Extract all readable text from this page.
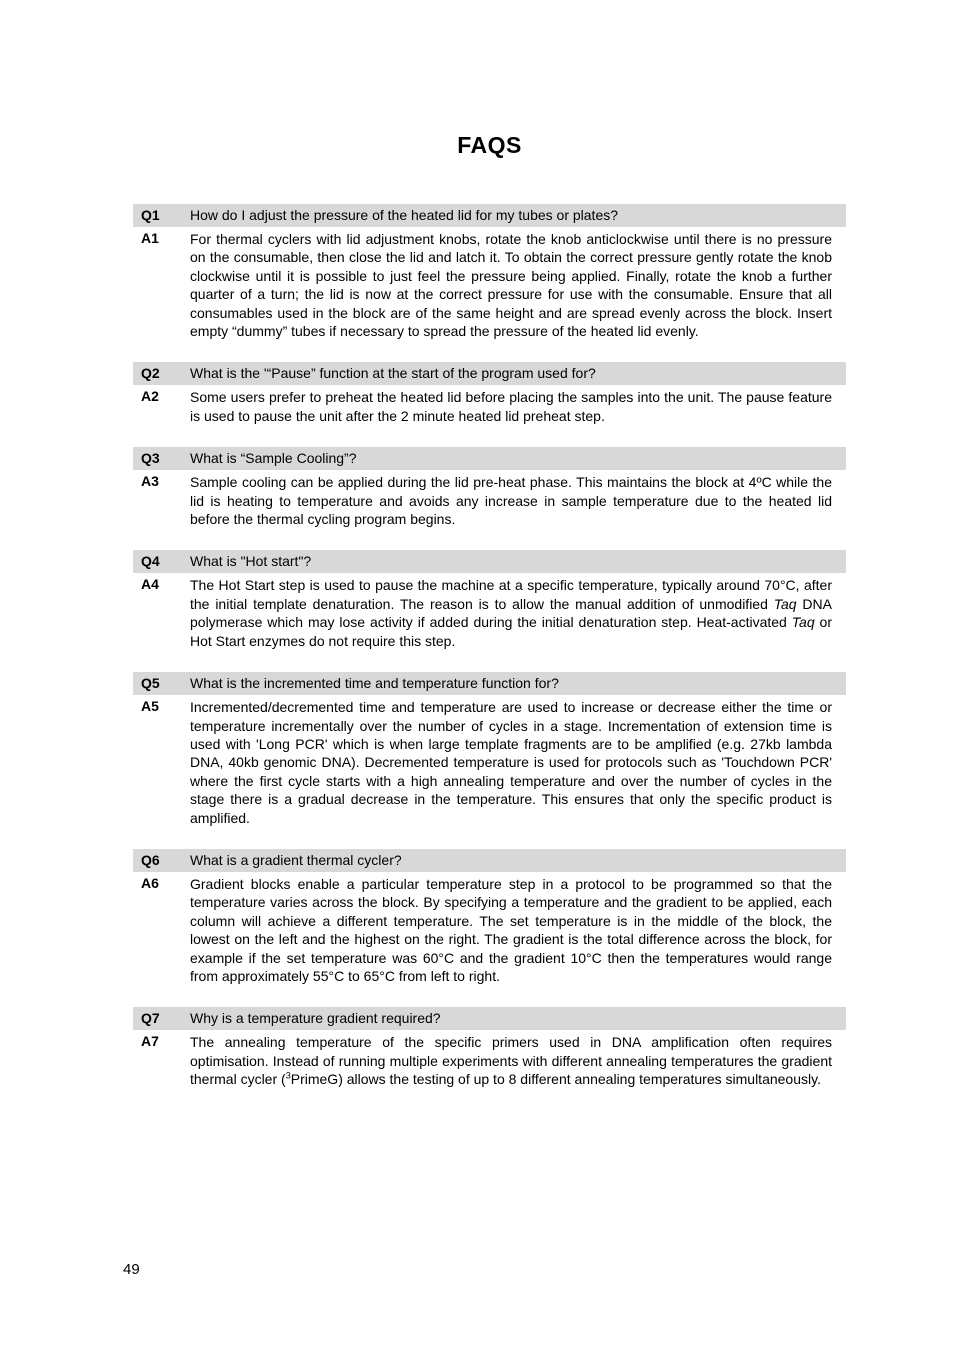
FAQS
Q1	How do I adjust the pressure of the heated lid for my tubes or plates?
A1	For thermal cyclers with lid adjustment knobs, rotate the knob anticlockwise until there is no pressure on the consumable, then close the lid and latch it. To obtain the correct pressure gently rotate the knob clockwise until it is possible to just feel the pressure being applied. Finally, rotate the knob a further quarter of a turn; the lid is now at the correct pressure for use with the consumable. Ensure that all consumables used in the block are of the same height and are spread evenly across the block. Insert empty “dummy” tubes if necessary to spread the pressure of the heated lid evenly.

Q2	What is the '“Pause” function at the start of the program used for?
A2	Some users prefer to preheat the heated lid before placing the samples into the unit. The pause feature is used to pause the unit after the 2 minute heated lid preheat step.

Q3	What is “Sample Cooling”?
A3	Sample cooling can be applied during the lid pre-heat phase. This maintains the block at 4ºC while the lid is heating to temperature and avoids any increase in sample temperature due to the heated lid before the thermal cycling program begins.

Q4	What is "Hot start"?
A4	The Hot Start step is used to pause the machine at a specific temperature, typically around 70°C, after the initial template denaturation. The reason is to allow the manual addition of unmodified Taq DNA polymerase which may lose activity if added during the initial denaturation step. Heat-activated Taq or Hot Start enzymes do not require this step.

Q5	What is the incremented time and temperature function for?
A5	Incremented/decremented time and temperature are used to increase or decrease either the time or temperature incrementally over the number of cycles in a stage. Incrementation of extension time is used with 'Long PCR' which is when large template fragments are to be amplified (e.g. 27kb lambda DNA, 40kb genomic DNA). Decremented temperature is used for protocols such as 'Touchdown PCR' where the first cycle starts with a high annealing temperature and over the number of cycles in the stage there is a gradual decrease in the temperature. This ensures that only the specific product is amplified.

Q6	What is a gradient thermal cycler?
A6	Gradient blocks enable a particular temperature step in a protocol to be programmed so that the temperature varies across the block. By specifying a temperature and the gradient to be applied, each column will achieve a different temperature. The set temperature is in the middle of the block, the lowest on the left and the highest on the right. The gradient is the total difference across the block, for example if the set temperature was 60°C and the gradient 10°C then the temperatures would range from approximately 55°C to 65°C from left to right.

Q7	Why is a temperature gradient required?
A7	The annealing temperature of the specific primers used in DNA amplification often requires optimisation. Instead of running multiple experiments with different annealing temperatures the gradient thermal cycler ($^3$PrimeG) allows the testing of up to 8 different annealing temperatures simultaneously.

49
